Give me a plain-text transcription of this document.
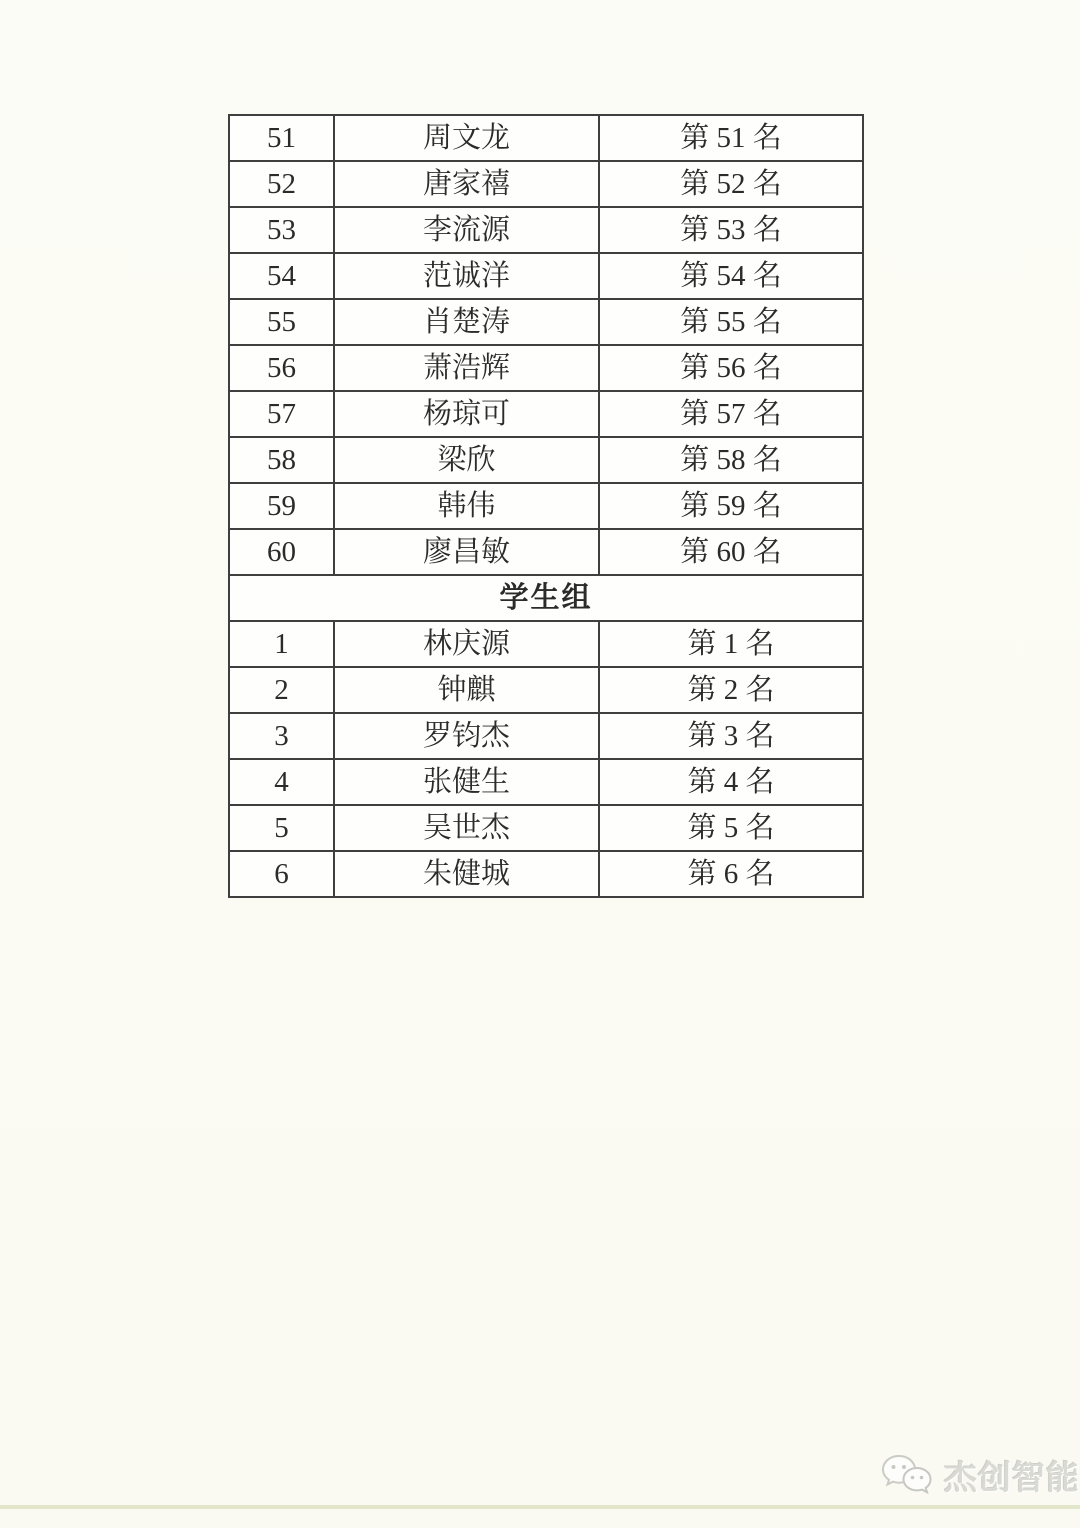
51	周文龙	第 51 名
52	唐家禧	第 52 名
53	李流源	第 53 名
54	范诚洋	第 54 名
55	肖楚涛	第 55 名
56	萧浩辉	第 56 名
57	杨琼可	第 57 名
58	梁欣	第 58 名
59	韩伟	第 59 名
60	廖昌敏	第 60 名
学生组		
1	林庆源	第 1 名
2	钟麒	第 2 名
3	罗钧杰	第 3 名
4	张健生	第 4 名
5	吴世杰	第 5 名
6	朱健城	第 6 名
杰创智能
